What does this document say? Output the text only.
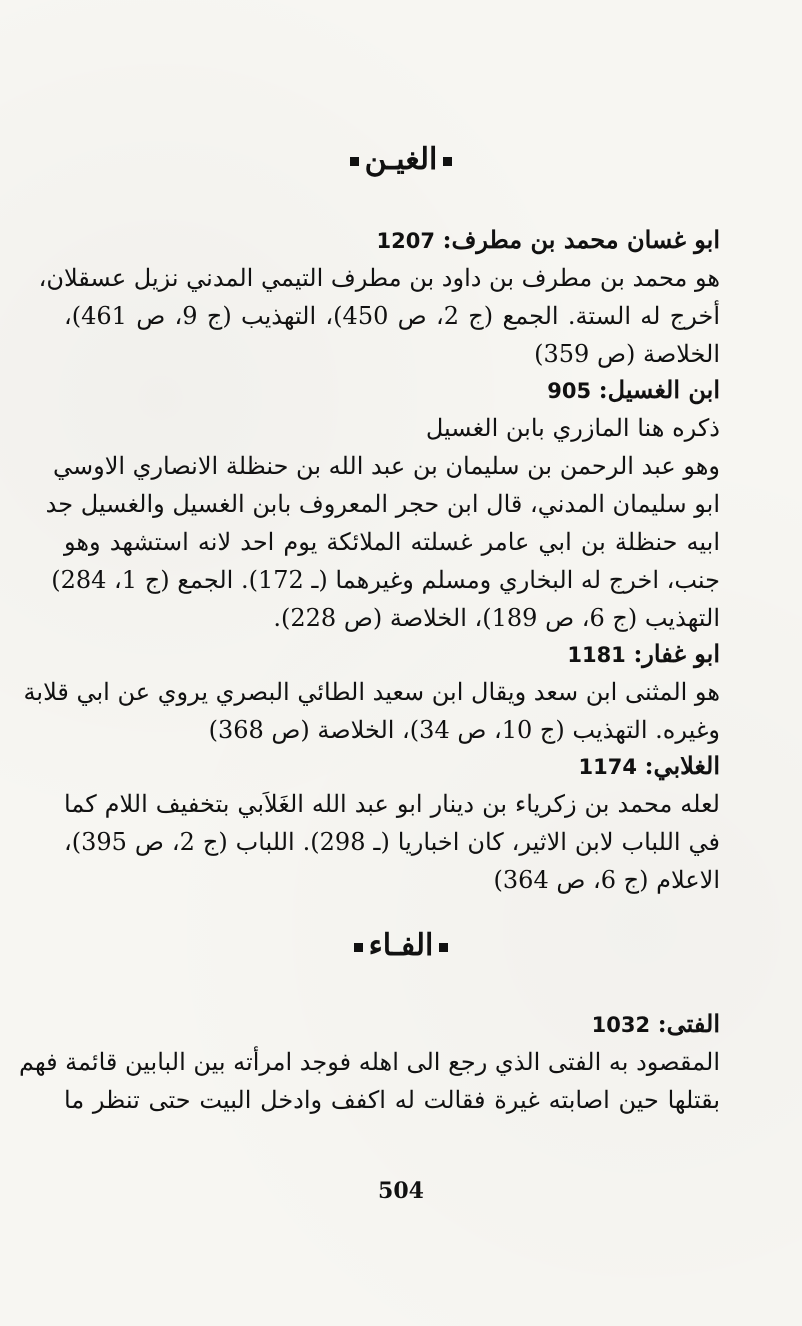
الغيـن
ابو غسان محمد بن مطرف: 1207
هو محمد بن مطرف بن داود بن مطرف التيمي المدني نزيل عسقلان،
أخرج له الستة. الجمع (ج 2، ص 450)، التهذيب (ج 9، ص 461)،
الخلاصة (ص 359)
ابن الغسيل: 905
ذكره هنا المازري بابن الغسيل
وهو عبد الرحمن بن سليمان بن عبد الله بن حنظلة الانصاري الاوسي
ابو سليمان المدني، قال ابن حجر المعروف بابن الغسيل والغسيل جد
ابيه حنظلة بن ابي عامر غسلته الملائكة يوم احد لانه استشهد وهو
جنب، اخرج له البخاري ومسلم وغيرهما (ـ 172). الجمع (ج 1، 284)
التهذيب (ج 6، ص 189)، الخلاصة (ص 228).
ابو غفار: 1181
هو المثنى ابن سعد ويقال ابن سعيد الطائي البصري يروي عن ابي قلابة
وغيره. التهذيب (ج 10، ص 34)، الخلاصة (ص 368)
الغلابي: 1174
لعله محمد بن زكرياء بن دينار ابو عبد الله الغَلاَبي بتخفيف اللام كما
في اللباب لابن الاثير، كان اخباريا (ـ 298). اللباب (ج 2، ص 395)،
الاعلام (ج 6، ص 364)
الفتى: 1032
المقصود به الفتى الذي رجع الى اهله فوجد امرأته بين البابين قائمة فهم
بقتلها حين اصابته غيرة فقالت له اكفف وادخل البيت حتى تنظر ما
الفـاء
504
